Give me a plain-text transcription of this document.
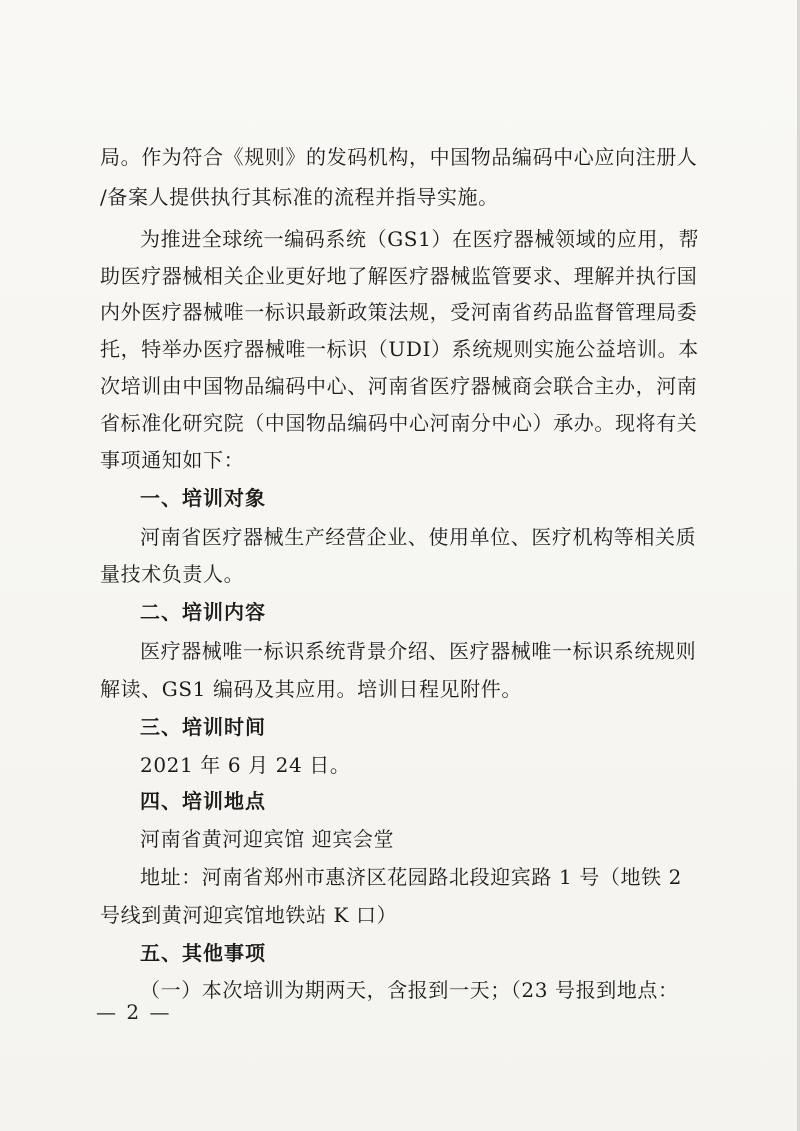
局。作为符合《规则》的发码机构，中国物品编码中心应向注册人
/备案人提供执行其标准的流程并指导实施。
为推进全球统一编码系统（GS1）在医疗器械领域的应用，帮
助医疗器械相关企业更好地了解医疗器械监管要求、理解并执行国
内外医疗器械唯一标识最新政策法规，受河南省药品监督管理局委
托，特举办医疗器械唯一标识（UDI）系统规则实施公益培训。本
次培训由中国物品编码中心、河南省医疗器械商会联合主办，河南
省标准化研究院（中国物品编码中心河南分中心）承办。现将有关
事项通知如下：
一、培训对象
河南省医疗器械生产经营企业、使用单位、医疗机构等相关质
量技术负责人。
二、培训内容
医疗器械唯一标识系统背景介绍、医疗器械唯一标识系统规则
解读、GS1 编码及其应用。培训日程见附件。
三、培训时间
2021 年 6 月 24 日。
四、培训地点
河南省黄河迎宾馆 迎宾会堂
地址：河南省郑州市惠济区花园路北段迎宾路 1 号（地铁 2
号线到黄河迎宾馆地铁站 K 口）
五、其他事项
（一）本次培训为期两天，含报到一天；（23 号报到地点：
— 2 —
